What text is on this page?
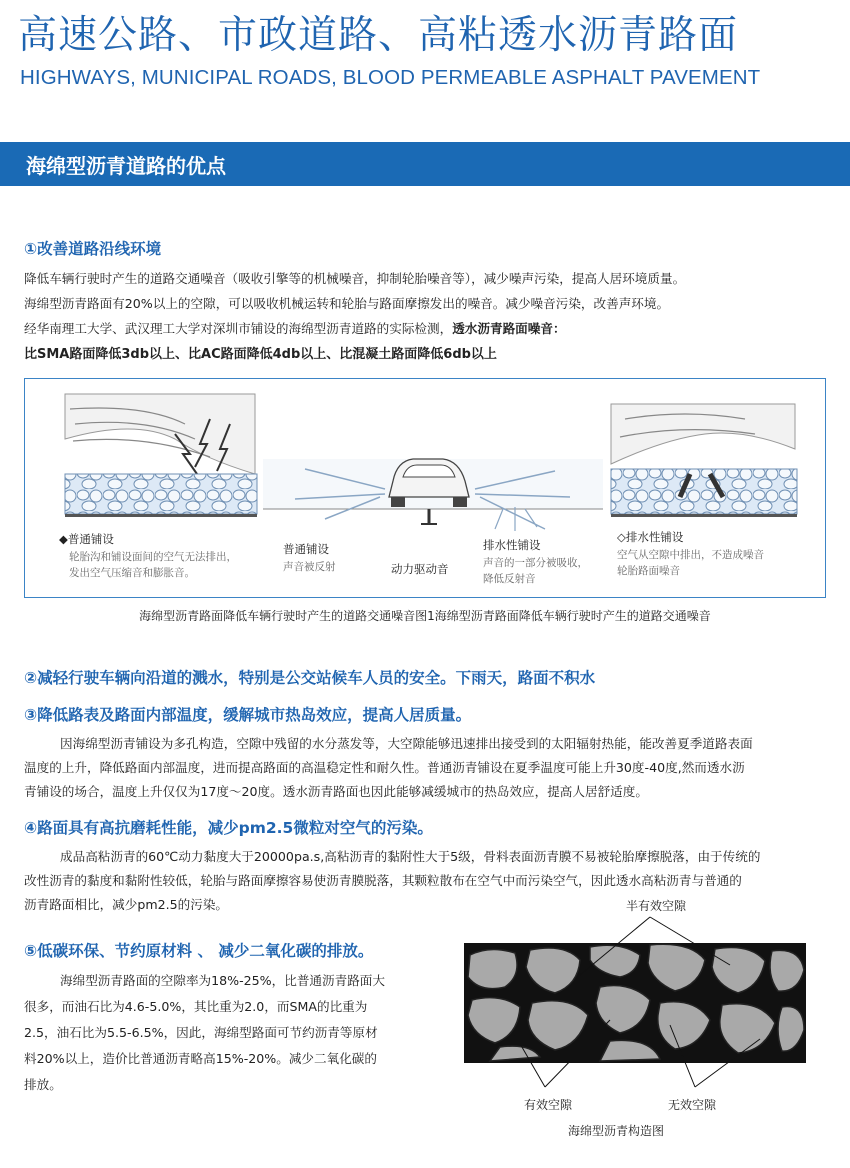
高速公路、市政道路、高粘透水沥青路面
HIGHWAYS, MUNICIPAL ROADS, BLOOD PERMEABLE ASPHALT PAVEMENT
海绵型沥青道路的优点
①改善道路沿线环境
降低车辆行驶时产生的道路交通噪音（吸收引擎等的机械噪音，抑制轮胎噪音等），减少噪声污染，提高人居环境质量。
海绵型沥青路面有20%以上的空隙，可以吸收机械运转和轮胎与路面摩擦发出的噪音。减少噪音污染，改善声环境。
经华南理工大学、武汉理工大学对深圳市铺设的海绵型沥青道路的实际检测，透水沥青路面噪音：
比SMA路面降低3db以上、比AC路面降低4db以上、比混凝土路面降低6db以上
◆普通铺设
轮胎沟和铺设面间的空气无法排出，
发出空气压缩音和膨胀音。
普通铺设
声音被反射	动力驱动音
排水性铺设
声音的一部分被吸收，
降低反射音
◇排水性铺设
空气从空隙中排出，不造成噪音
轮胎路面噪音
海绵型沥青路面降低车辆行驶时产生的道路交通噪音图1海绵型沥青路面降低车辆行驶时产生的道路交通噪音
②减轻行驶车辆向沿道的溅水，特别是公交站候车人员的安全。下雨天，路面不积水
③降低路表及路面内部温度，缓解城市热岛效应，提高人居质量。
因海绵型沥青铺设为多孔构造，空隙中残留的水分蒸发等，大空隙能够迅速排出接受到的太阳辐射热能，能改善夏季道路表面
温度的上升，降低路面内部温度，进而提高路面的高温稳定性和耐久性。普通沥青铺设在夏季温度可能上升30度-40度,然而透水沥
青铺设的场合，温度上升仅仅为17度～20度。透水沥青路面也因此能够减缓城市的热岛效应，提高人居舒适度。
④路面具有高抗磨耗性能，减少pm2.5微粒对空气的污染。
成品高粘沥青的60℃动力黏度大于20000pa.s,高粘沥青的黏附性大于5级，骨料表面沥青膜不易被轮胎摩擦脱落，由于传统的
改性沥青的黏度和黏附性较低，轮胎与路面摩擦容易使沥青膜脱落，其颗粒散布在空气中而污染空气，因此透水高粘沥青与普通的
沥青路面相比，减少pm2.5的污染。
⑤低碳环保、节约原材料 、 减少二氧化碳的排放。
海绵型沥青路面的空隙率为18%-25%，比普通沥青路面大
很多，而油石比为4.6-5.0%，其比重为2.0，而SMA的比重为
2.5，油石比为5.5-6.5%，因此，海绵型路面可节约沥青等原材
料20%以上，造价比普通沥青略高15%-20%。减少二氧化碳的
排放。
半有效空隙
有效空隙	无效空隙
海绵型沥青构造图
